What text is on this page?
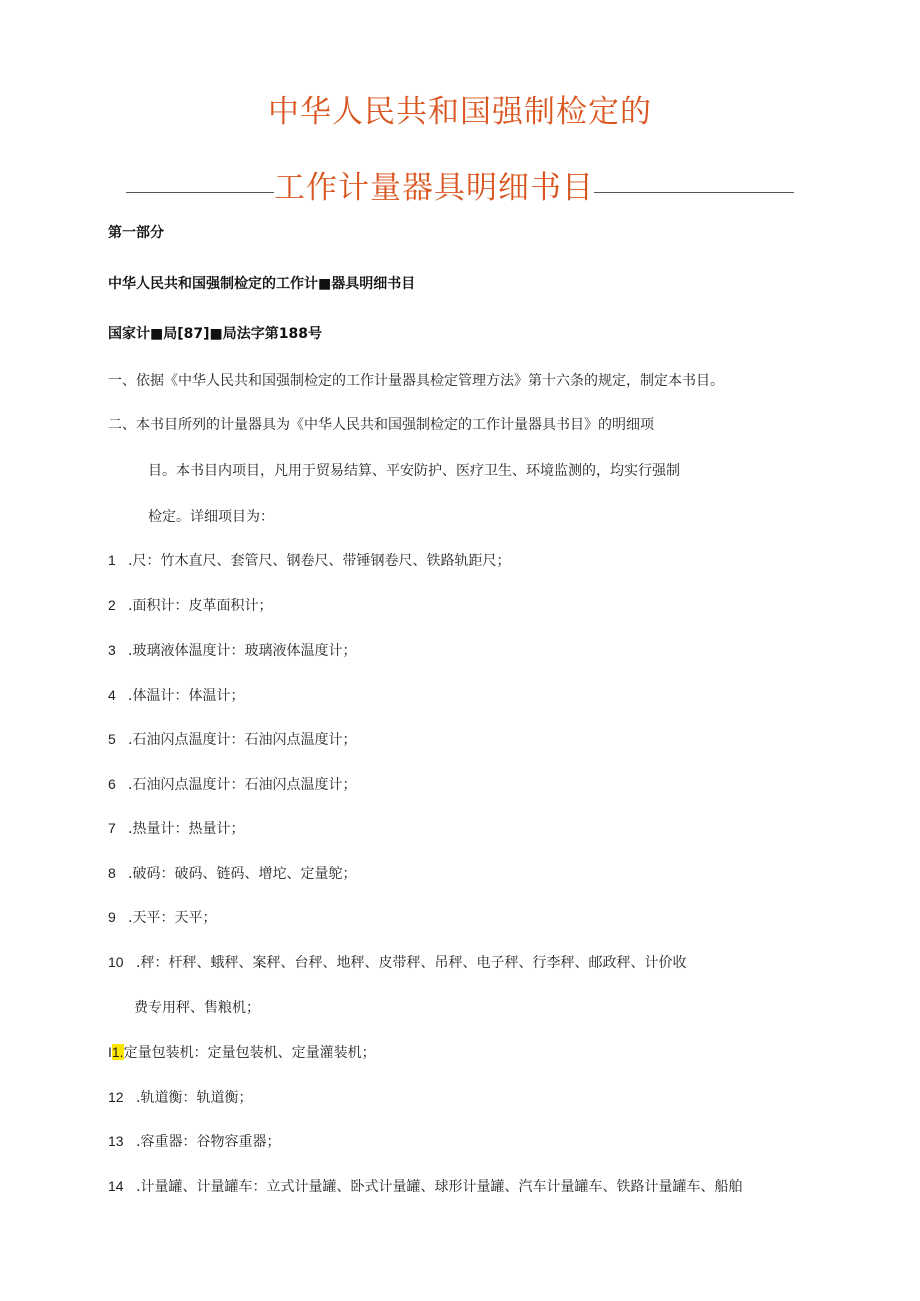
中华人民共和国强制检定的
工作计量器具明细书目
第一部分
中华人民共和国强制检定的工作计■器具明细书目
国家计■局[87]■局法字第188号
一、依据《中华人民共和国强制检定的工作计量器具检定管理方法》第十六条的规定，制定本书目。
二、本书目所列的计量器具为《中华人民共和国强制检定的工作计量器具书目》的明细项
目。本书目内项目，凡用于贸易结算、平安防护、医疗卫生、环境监测的，均实行强制
检定。详细项目为：
1 .尺：竹木直尺、套管尺、钢卷尺、带锤钢卷尺、铁路轨距尺；
2 .面积计：皮革面积计；
3 .玻璃液体温度计：玻璃液体温度计；
4 .体温计：体温计；
5 .石油闪点温度计：石油闪点温度计；
6 .石油闪点温度计：石油闪点温度计；
7 .热量计：热量计；
8 .破码：破码、链码、增坨、定量鸵；
9 .天平：天平；
10 .秤：杆秤、蛾秤、案秤、台秤、地秤、皮带秤、吊秤、电子秤、行李秤、邮政秤、计价收
费专用秤、售粮机；
I1.定量包装机：定量包装机、定量灌装机；
12 .轨道衡：轨道衡；
13 .容重器：谷物容重器；
14 .计量罐、计量罐车：立式计量罐、卧式计量罐、球形计量罐、汽车计量罐车、铁路计量罐车、船舶
